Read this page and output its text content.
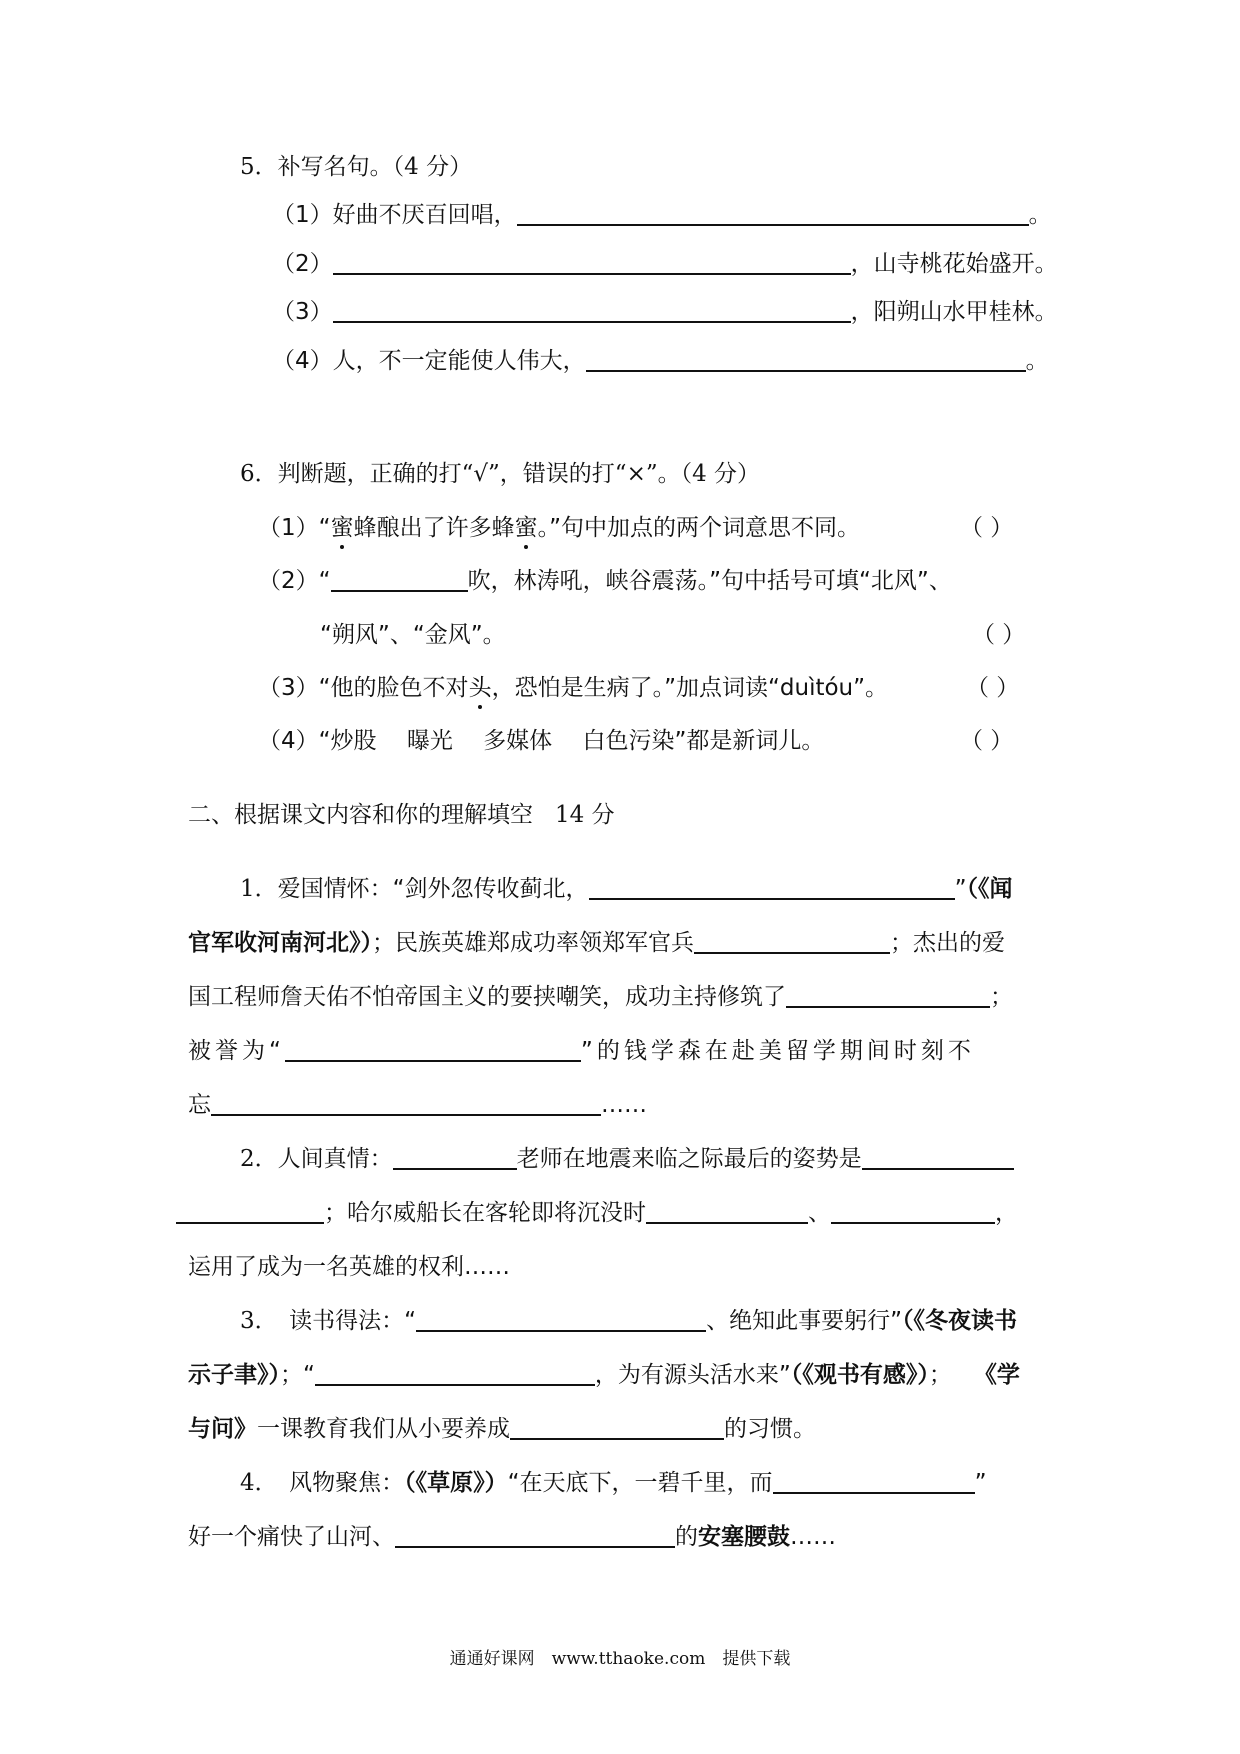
5．补写名句。（4 分）
（1）好曲不厌百回唱，	。
（2）	，山寺桃花始盛开。
（3）	，阳朔山水甲桂林。
（4）人，不一定能使人伟大，	。
6．判断题，正确的打“√”，错误的打“×”。（4 分）
（1）“蜜蜂酿出了许多蜂蜜。”句中加点的两个词意思不同。	（ ）
（2）“	吹，林涛吼，峡谷震荡。”句中括号可填“北风”、
“朔风”、“金风”。	（ ）
（3）“他的脸色不对头，恐怕是生病了。”加点词读“duìtóu”。	（ ）
（4）“炒股　 曝光　 多媒体　 白色污染”都是新词儿。	（ ）
二、根据课文内容和你的理解填空 14 分
1．爱国情怀：“剑外忽传收蓟北，	”（《闻
官军收河南河北》）；民族英雄郑成功率领郑军官兵	；杰出的爱
国工程师詹天佑不怕帝国主义的要挟嘲笑，成功主持修筑了	；
被誉为“	”的钱学森在赴美留学期间时刻不
忘	……
2．人间真情：	老师在地震来临之际最后的姿势是
；哈尔威船长在客轮即将沉没时	、	，
运用了成为一名英雄的权利……
3．　读书得法：“	、绝知此事要躬行”（《冬夜读书
示子聿》）；“	，为有源头活水来”（《观书有感》）； 《学
与问》一课教育我们从小要养成	的习惯。
4．　风物聚焦：（《草原》）“在天底下，一碧千里，而	”
好一个痛快了山河、	的安塞腰鼓……
通通好课网　www.tthaoke.com　提供下载
